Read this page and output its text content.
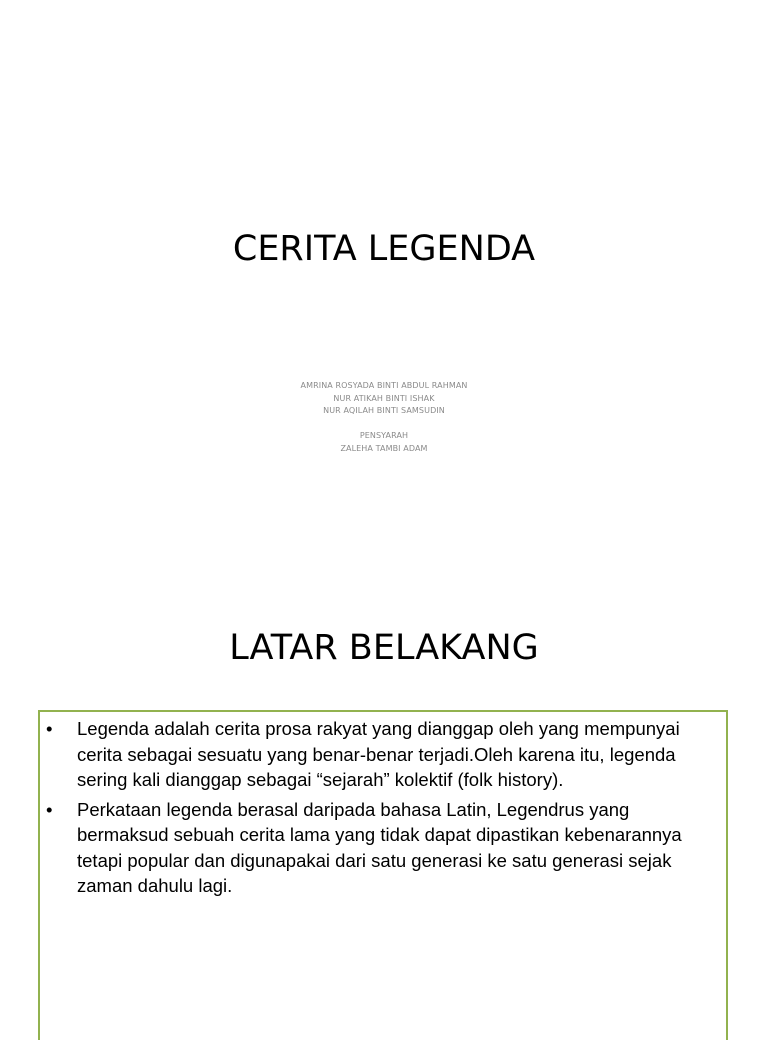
CERITA LEGENDA
AMRINA ROSYADA BINTI ABDUL RAHMAN
NUR ATIKAH BINTI ISHAK
NUR AQILAH BINTI SAMSUDIN
PENSYARAH
ZALEHA TAMBI ADAM
LATAR BELAKANG
•	Legenda adalah cerita prosa rakyat yang dianggap oleh yang mempunyai cerita sebagai sesuatu yang benar-benar terjadi.Oleh karena itu, legenda sering kali dianggap sebagai “sejarah” kolektif (folk history).
•	Perkataan legenda berasal daripada bahasa Latin, Legendrus yang bermaksud sebuah cerita lama yang tidak dapat dipastikan kebenarannya tetapi popular dan digunapakai dari satu generasi ke satu generasi sejak zaman dahulu lagi.
